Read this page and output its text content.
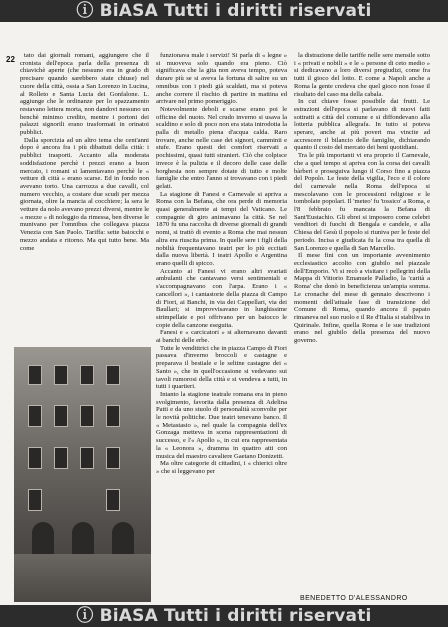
ⓘ BiASA Tutti i diritti riservati
22	tato dai giornali romani, aggiungere che il cronista dell'epoca parla della presenza di chiavichè aperte (che nessuno era in grado di precisare quando sarebbero state chiuse) nel cuore della città, ossia a San Lorenzo in Lucina, al Rolleto e Santa Lucia dei Gonfalone. L. aggiunge che le ordinanze per lo spazzamento restavano lettera morta, non dandovi nessuno un benchè minimo credito, mentre i portoni dei palazzi signorili erano trasformati in orinatoi pubblici.

Dalla sporcizia ad un altro tema che cent'anni dopo è ancora fra i più dibattuti della città: i pubblici trasporti. Accanto alla moderata soddisfazione perchè i prezzi erano a buon mercato, i romani si lamentavano perchè le « vetture di città » erano scarse. Ed in fondo non avevano torto. Una carrozza a due cavalli, col numero vecchio, a costare due scudi per mezza giornata, oltre la mancia al cocchiere; la sera le vetture da nolo avevano prezzi diversi, mentre le « mezze » di noleggio da rimessa, ben diverse le munivano per l'omnibus che collegava piazza Venezia con San Paolo. Tariffa: sette baiocchi e mezzo andata e ritorno. Ma qui tutto bene. Ma come

funzionava male i servizi! Si parla di « legne » si muoveva solo quando era pieno. Ciò significava che la gita non aveva tempo, poteva durare più se si aveva la fortuna di salire su un omnibus con i piedi già scaldati, ma si poteva anche correre il rischio di partire in mattina ed arrivare nel primo pomeriggio.

Notevolmente deboli e scarse erano poi le officine del nuoto. Nel crudo inverno si usava la scaldino e solo di poco non era stata introdotta la palla di metallo piena d'acqua calda. Raro trovare, anche nelle case dei signori, camminii e stufe. Erano questi dei comfort riservati a pochissimi, quasi tutti stranieri. Ciò che colpisce invece è la pulizia e il decoro delle case delle borghesia non sempre dotate di tutto e molte famiglie che entro l'anno si trovavano con i piedi gelati.

La stagione di Fanesi e Carnevale si apriva a Roma con la Befana, che ora perde di memoria quasi generalmente ai tempi del Vaticano. Le compagnie di giro animavano la città. Se nel 1870 fu una raccolta di diverse giornali di grandi nomi, si trattò di evento a Roma che mai nessun altra era riuscita prima. In quelle sere i figli della nobiltà frequentavano teatri per lo più eccitati dalla nuova libertà. I teatri Apollo e Argentina erano quelli di spicco.

Accanto ai Fanesi vi erano altri svariati ambulanti che cantavano versi sentimentali e s'accompagnavano con l'arpa. Erano i « cancellori », i cantastorie della piazza di Campo di Fiori, ai Banchi, in via dei Cappellari, via dei Baullari; si improvvisavano in lunghissime strimpellate e poi offrivano per un baiocco le copie della canzone eseguita.

Fanesi e « carcicatori » si alternavano davanti ai banchi delle erbe.

Tutte le vendittrici che in piazza Campo di Fiori passava d'inverno broccoli e castagne e preparava il bestiale e le seltine castagne dei « Santo », che in quell'occasione si vedevano sui tavoli rumorosi della città e si vendeva a tutti, in tutti i quartieri.

Intanto la stagione teatrale romana era in pieno svolgimento, favorita dalla presenza di Adelina Patti e da uno stuolo di personalità sconvolte per le novità politiche. Due teatri tenevano banco. Il « Metastasio », nel quale la compagnia dell'ex Gonzaga metteva in scena rappresentazioni di successo, e l'« Apollo », in cui era rappresentata la « Leonora », dramma in quattro atti con musica del maestro cavaliere Gaetano Donizetti.

Ma oltre categorie di cittadini, i « chierici oltre » che si leggevano per

la distrazione delle tariffe nelle sere mensile sotto i « privati e nobili » e le « persone di ceto medio » si dedicavano a loro diversi pregiudizi, come fra tutti il gioco del lotto. E come a Napoli anche a Roma la gente credeva che quel gioco non fosse il risultato del caso ma della cabala.

In cui chiave fosse possibile dai frutti. Le estrazioni dell'epoca si parlavano di nuovi fatti sottratti a città del comune e si diffondevano alla lotteria pubblica allegrafa. In tutto si poteva sperare, anche ai più poveri ma vincite ad accrescere il bilancio delle famiglie, dichiarando quanto il costo del mercato dei beni quotidiani.

Tra le più importanti vi era proprio il Carnevale, che a quel tempo si apriva con la corsa dei cavalli bàrberi e proseguiva lungo il Corso fino a piazza del Popolo. Le feste della vigilia, l'eco e il colore del carnevale nella Roma dell'epoca si mescolavano con le processioni religiose e le tombolate popolari. Il 'meteo' fu 'tossico' a Roma, e l'8 febbraio fu mancata la Befana di Sant'Eustachio. Gli ebrei si imposero come celebri venditori di fuochi di Bengala e candele, e alla Chiesa del Gesù il popolo si riuniva per le feste del periodo. Incisa e giudicata fu la cosa tra quella di San Lorenzo e quella di San Marcello.

Il mese fini con un importante avvenimento ecclesiastico accolto con giubilo nel piazzale dell'Emporio. Vi si recò a visitare i pellegrini della Mappa di Vittorio Emanuele Palladio, la 'carità a Roma' che donò in beneficienza un'ampia somma. Le cronache del mese di gennaio descrivono i momenti dell'attuale fase di transizione del Comune di Roma, quando ancora il papato rimaneva nel suo ruolo e il Re d'Italia si stabiliva in Quirinale. Infine, quella Roma e le sue tradizioni erano nel giubilo della presenza del nuovo governo.

BENEDETTO D'ALESSANDRO
ⓘ BiASA Tutti i diritti riservati
